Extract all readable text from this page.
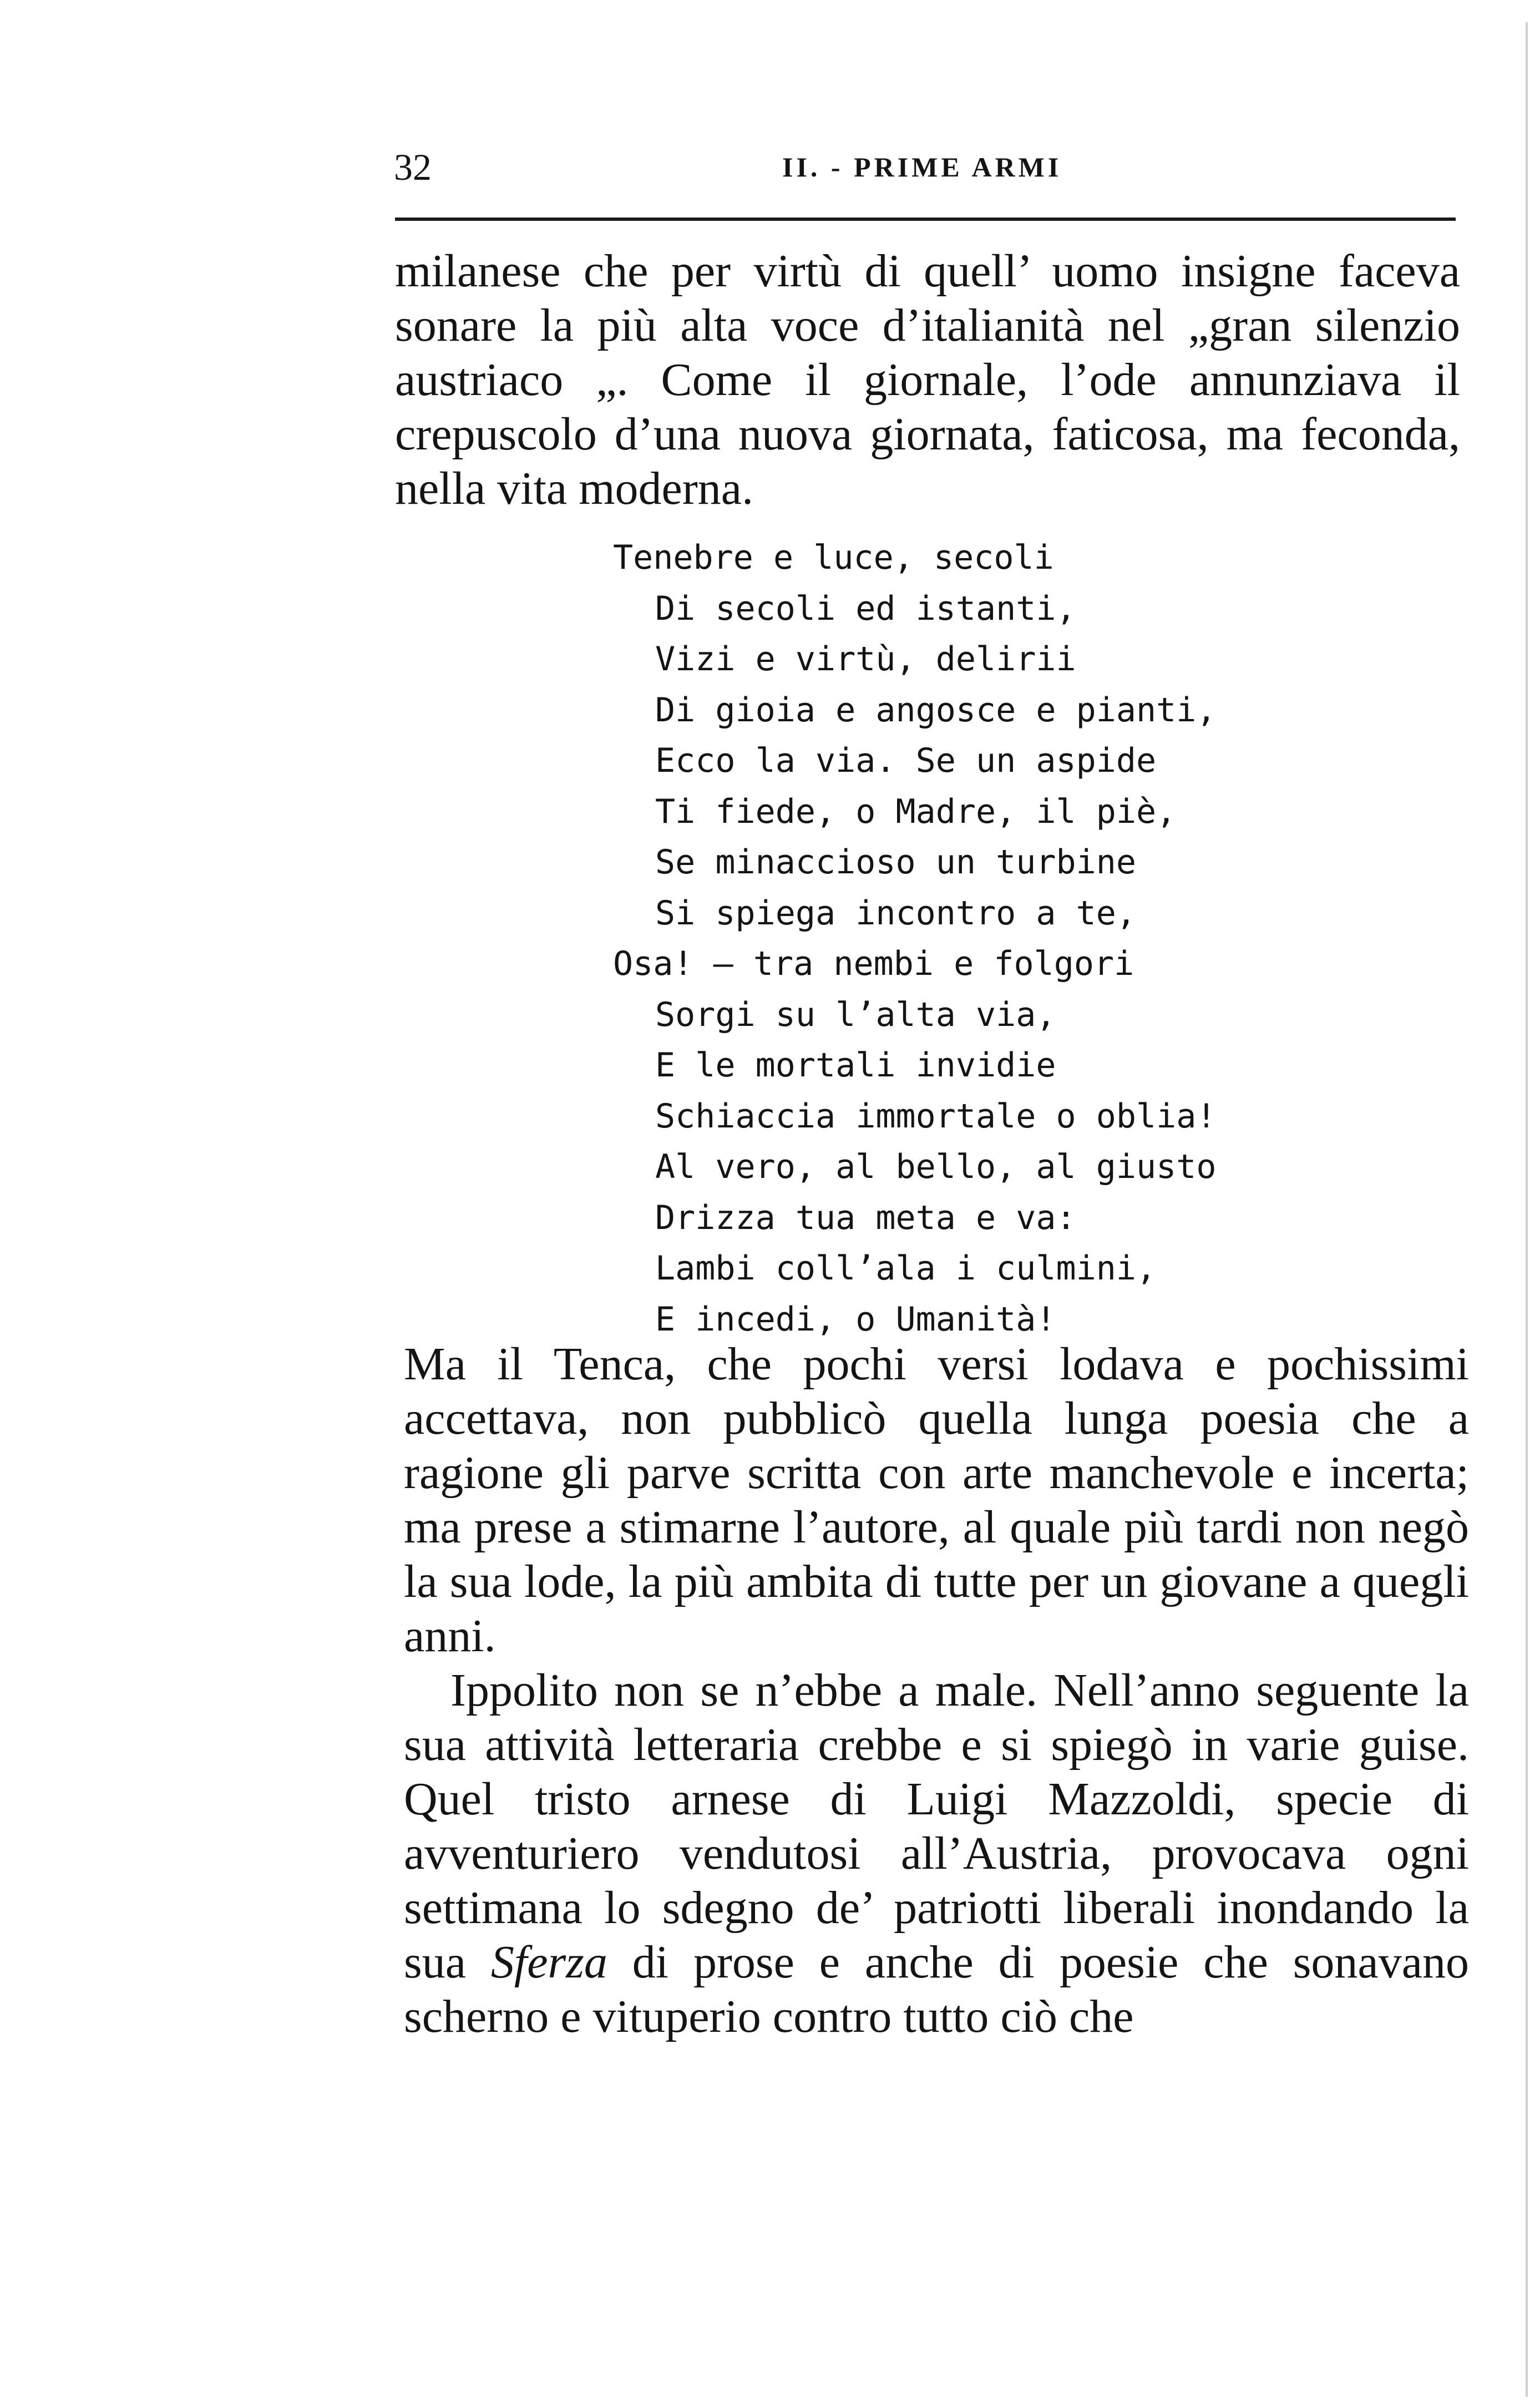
32	II. - PRIME ARMI

milanese che per virtù di quell’ uomo insigne faceva sonare la più alta voce d’italianità nel „gran silenzio austriaco „. Come il giornale, l’ode annunziava il crepuscolo d’una nuova giornata, faticosa, ma feconda, nella vita moderna.

Tenebre e luce, secoli
Di secoli ed istanti,
Vizi e virtù, delirii
Di gioia e angosce e pianti,
Ecco la via. Se un aspide
Ti fiede, o Madre, il piè,
Se minaccioso un turbine
Si spiega incontro a te,
Osa! — tra nembi e folgori
Sorgi su l’alta via,
E le mortali invidie
Schiaccia immortale o oblia!
Al vero, al bello, al giusto
Drizza tua meta e va:
Lambi coll’ala i culmini,
E incedi, o Umanità!

Ma il Tenca, che pochi versi lodava e pochissimi accettava, non pubblicò quella lunga poesia che a ragione gli parve scritta con arte manchevole e incerta; ma prese a stimarne l’autore, al quale più tardi non negò la sua lode, la più ambita di tutte per un giovane a quegli anni.

Ippolito non se n’ebbe a male. Nell’anno seguente la sua attività letteraria crebbe e si spiegò in varie guise. Quel tristo arnese di Luigi Mazzoldi, specie di avventuriero vendutosi all’Austria, provocava ogni settimana lo sdegno de’ patriotti liberali inondando la sua Sferza di prose e anche di poesie che sonavano scherno e vituperio contro tutto ciò che
